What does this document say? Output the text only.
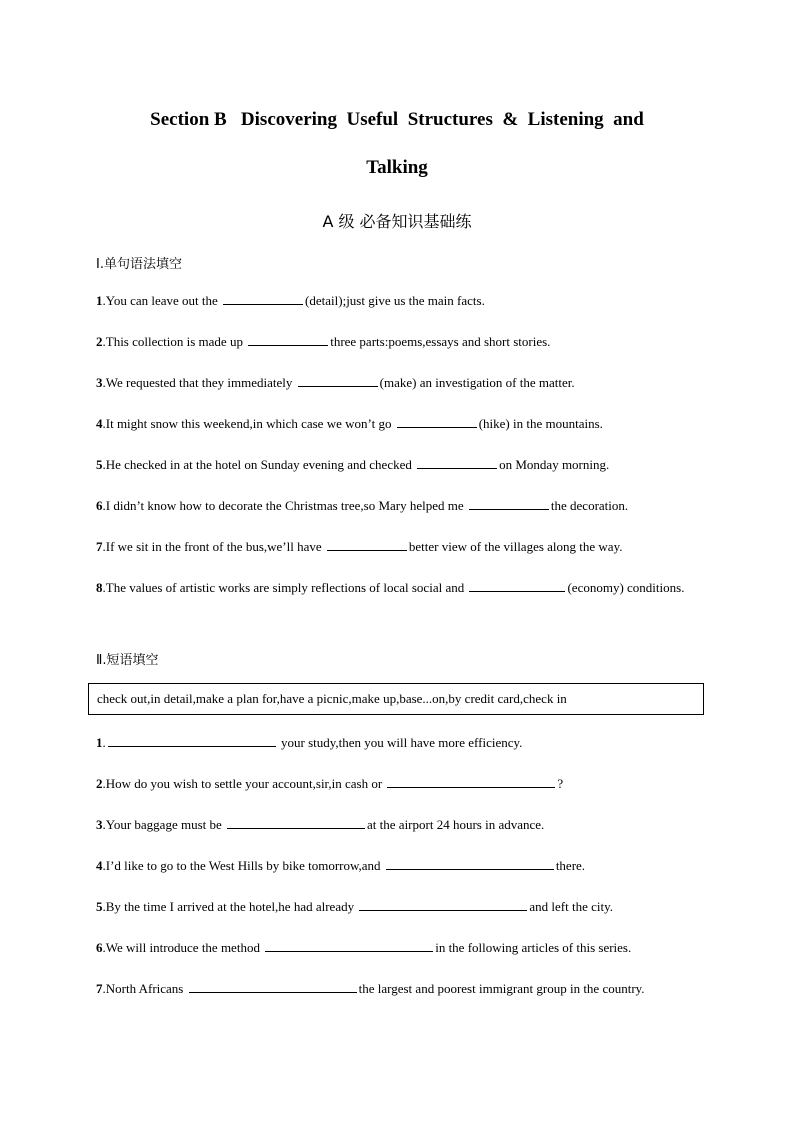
Section B   Discovering  Useful  Structures  &  Listening  and
Talking
A 级 必备知识基础练
Ⅰ.单句语法填空
1.You can leave out the	(detail);just give us the main facts.
2.This collection is made up	three parts:poems,essays and short stories.
3.We requested that they immediately	(make) an investigation of the matter.
4.It might snow this weekend,in which case we won’t go	(hike) in the mountains.
5.He checked in at the hotel on Sunday evening and checked	on Monday morning.
6.I didn’t know how to decorate the Christmas tree,so Mary helped me	the decoration.
7.If we sit in the front of the bus,we’ll have	better view of the villages along the way.
8.The values of artistic works are simply reflections of local social and	(economy) conditions.
Ⅱ.短语填空
check out,in detail,make a plan for,have a picnic,make up,base...on,by credit card,check in
1.	your study,then you will have more efficiency.
2.How do you wish to settle your account,sir,in cash or	?
3.Your baggage must be	at the airport 24 hours in advance.
4.I’d like to go to the West Hills by bike tomorrow,and	there.
5.By the time I arrived at the hotel,he had already	and left the city.
6.We will introduce the method	in the following articles of this series.
7.North Africans	the largest and poorest immigrant group in the country.
